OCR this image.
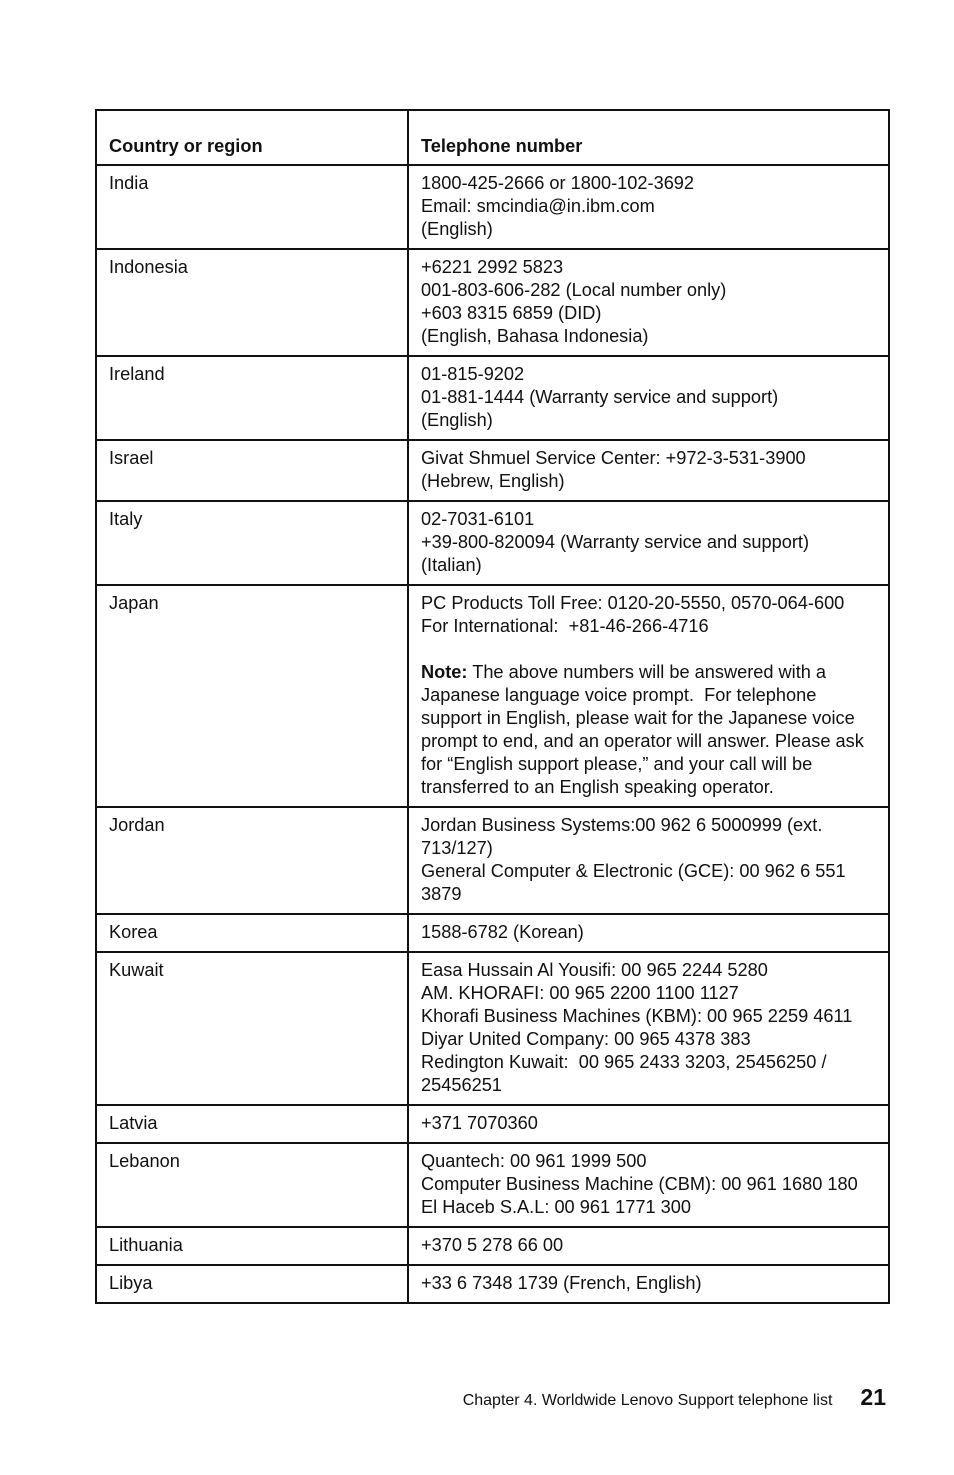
Country or region	Telephone number
India	1800-425-2666 or 1800-102-3692
Email: smcindia@in.ibm.com
(English)

Indonesia	+6221 2992 5823
001-803-606-282 (Local number only)
+603 8315 6859 (DID)
(English, Bahasa Indonesia)

Ireland	01-815-9202
01-881-1444 (Warranty service and support)
(English)

Israel	Givat Shmuel Service Center: +972-3-531-3900
(Hebrew, English)

Italy	02-7031-6101
+39-800-820094 (Warranty service and support)
(Italian)

Japan	PC Products Toll Free: 0120-20-5550, 0570-064-600
For International:  +81-46-266-4716
Note: The above numbers will be answered with a Japanese language voice prompt.  For telephone support in English, please wait for the Japanese voice prompt to end, and an operator will answer. Please ask for “English support please,” and your call will be transferred to an English speaking operator.

Jordan	Jordan Business Systems:00 962 6 5000999 (ext. 713/127)
General Computer & Electronic (GCE): 00 962 6 551 3879

Korea	1588-6782 (Korean)

Kuwait	Easa Hussain Al Yousifi: 00 965 2244 5280
AM. KHORAFI: 00 965 2200 1100 1127
Khorafi Business Machines (KBM): 00 965 2259 4611
Diyar United Company: 00 965 4378 383
Redington Kuwait:  00 965 2433 3203, 25456250 / 25456251

Latvia	+371 7070360

Lebanon	Quantech: 00 961 1999 500
Computer Business Machine (CBM): 00 961 1680 180
El Haceb S.A.L: 00 961 1771 300

Lithuania	+370 5 278 66 00

Libya	+33 6 7348 1739 (French, English)
Chapter 4. Worldwide Lenovo Support telephone list 21
